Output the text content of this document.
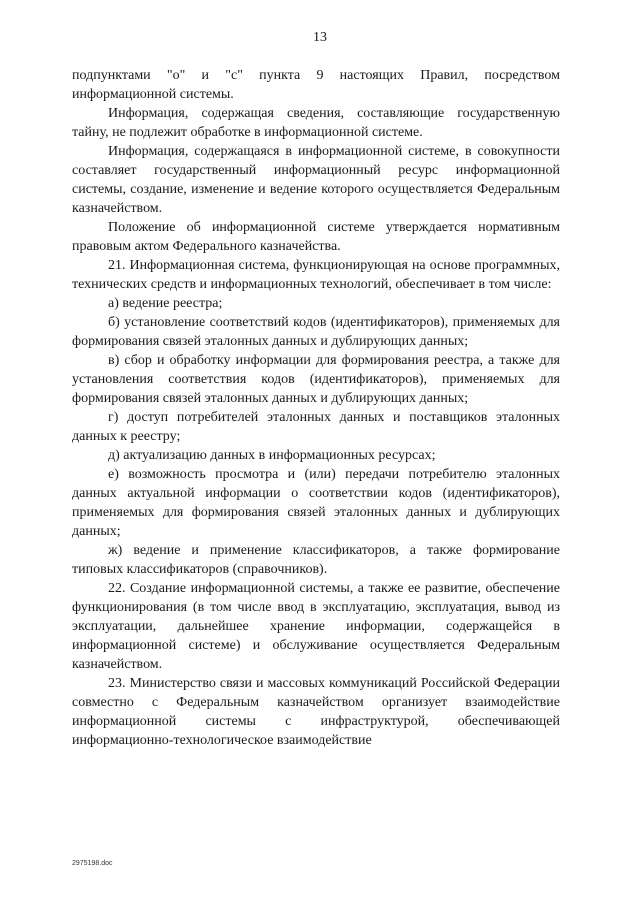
13

подпунктами "о" и "с" пункта 9 настоящих Правил, посредством информационной системы.

Информация, содержащая сведения, составляющие государственную тайну, не подлежит обработке в информационной системе.

Информация, содержащаяся в информационной системе, в совокупности составляет государственный информационный ресурс информационной системы, создание, изменение и ведение которого осуществляется Федеральным казначейством.

Положение об информационной системе утверждается нормативным правовым актом Федерального казначейства.

21. Информационная система, функционирующая на основе программных, технических средств и информационных технологий, обеспечивает в том числе:

а) ведение реестра;

б) установление соответствий кодов (идентификаторов), применяемых для формирования связей эталонных данных и дублирующих данных;

в) сбор и обработку информации для формирования реестра, а также для установления соответствия кодов (идентификаторов), применяемых для формирования связей эталонных данных и дублирующих данных;

г) доступ потребителей эталонных данных и поставщиков эталонных данных к реестру;

д) актуализацию данных в информационных ресурсах;

е) возможность просмотра и (или) передачи потребителю эталонных данных актуальной информации о соответствии кодов (идентификаторов), применяемых для формирования связей эталонных данных и дублирующих данных;

ж) ведение и применение классификаторов, а также формирование типовых классификаторов (справочников).

22. Создание информационной системы, а также ее развитие, обеспечение функционирования (в том числе ввод в эксплуатацию, эксплуатация, вывод из эксплуатации, дальнейшее хранение информации, содержащейся в информационной системе) и обслуживание осуществляется Федеральным казначейством.

23. Министерство связи и массовых коммуникаций Российской Федерации совместно с Федеральным казначейством организует взаимодействие информационной системы с инфраструктурой, обеспечивающей информационно-технологическое взаимодействие

2975198.doc
